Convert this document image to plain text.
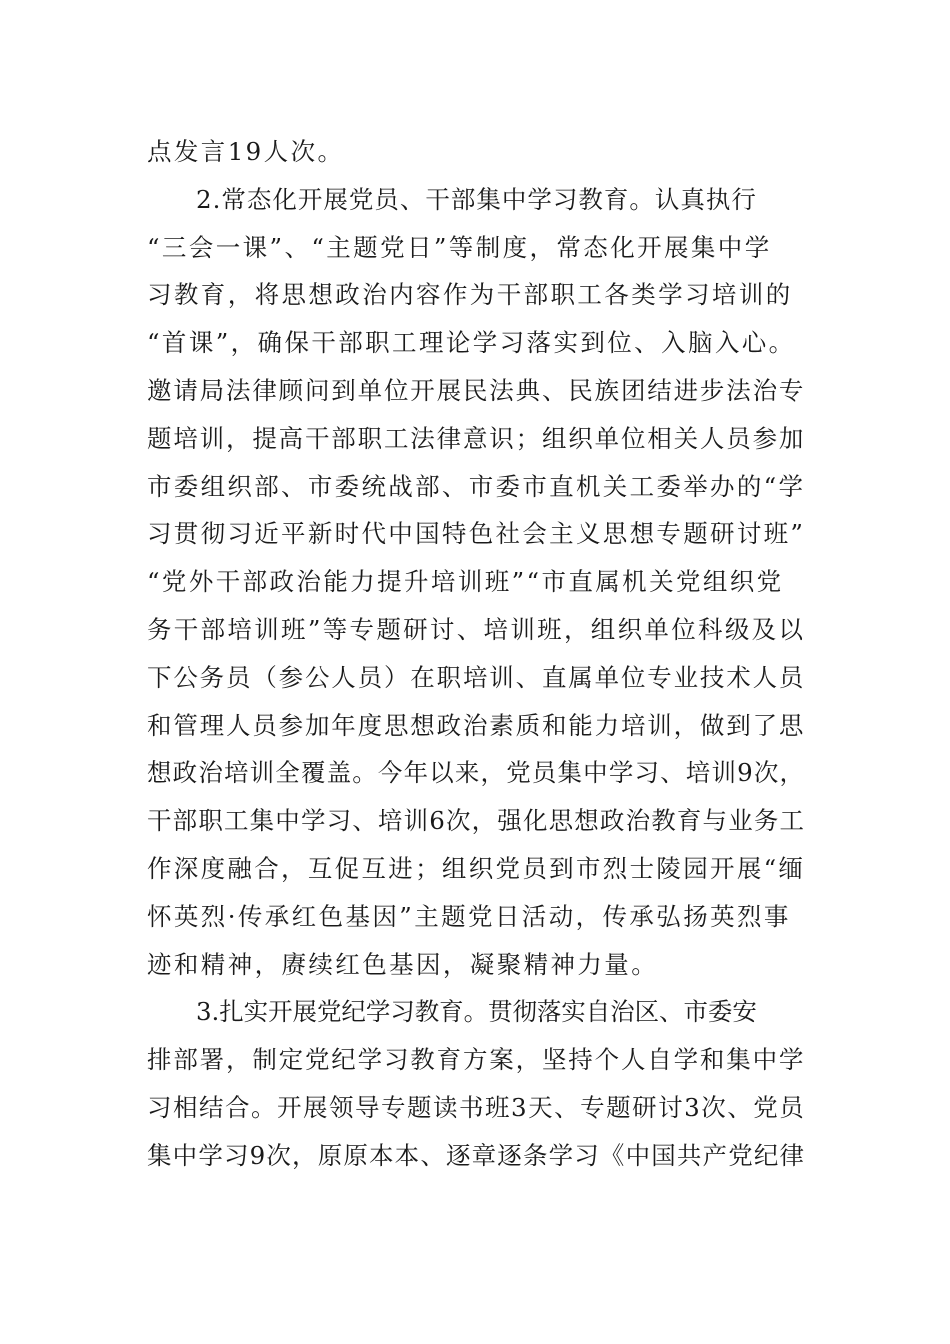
点发言19人次。

2.常态化开展党员、干部集中学习教育。认真执行
“三会一课”、“主题党日”等制度，常态化开展集中学
习教育，将思想政治内容作为干部职工各类学习培训的
“首课”，确保干部职工理论学习落实到位、入脑入心。
邀请局法律顾问到单位开展民法典、民族团结进步法治专
题培训，提高干部职工法律意识；组织单位相关人员参加
市委组织部、市委统战部、市委市直机关工委举办的“学
习贯彻习近平新时代中国特色社会主义思想专题研讨班”
“党外干部政治能力提升培训班”“市直属机关党组织党
务干部培训班”等专题研讨、培训班，组织单位科级及以
下公务员（参公人员）在职培训、直属单位专业技术人员
和管理人员参加年度思想政治素质和能力培训，做到了思
想政治培训全覆盖。今年以来，党员集中学习、培训9次，
干部职工集中学习、培训6次，强化思想政治教育与业务工
作深度融合，互促互进；组织党员到市烈士陵园开展“缅
怀英烈·传承红色基因”主题党日活动，传承弘扬英烈事
迹和精神，赓续红色基因，凝聚精神力量。

3.扎实开展党纪学习教育。贯彻落实自治区、市委安
排部署，制定党纪学习教育方案，坚持个人自学和集中学
习相结合。开展领导专题读书班3天、专题研讨3次、党员
集中学习9次，原原本本、逐章逐条学习《中国共产党纪律
